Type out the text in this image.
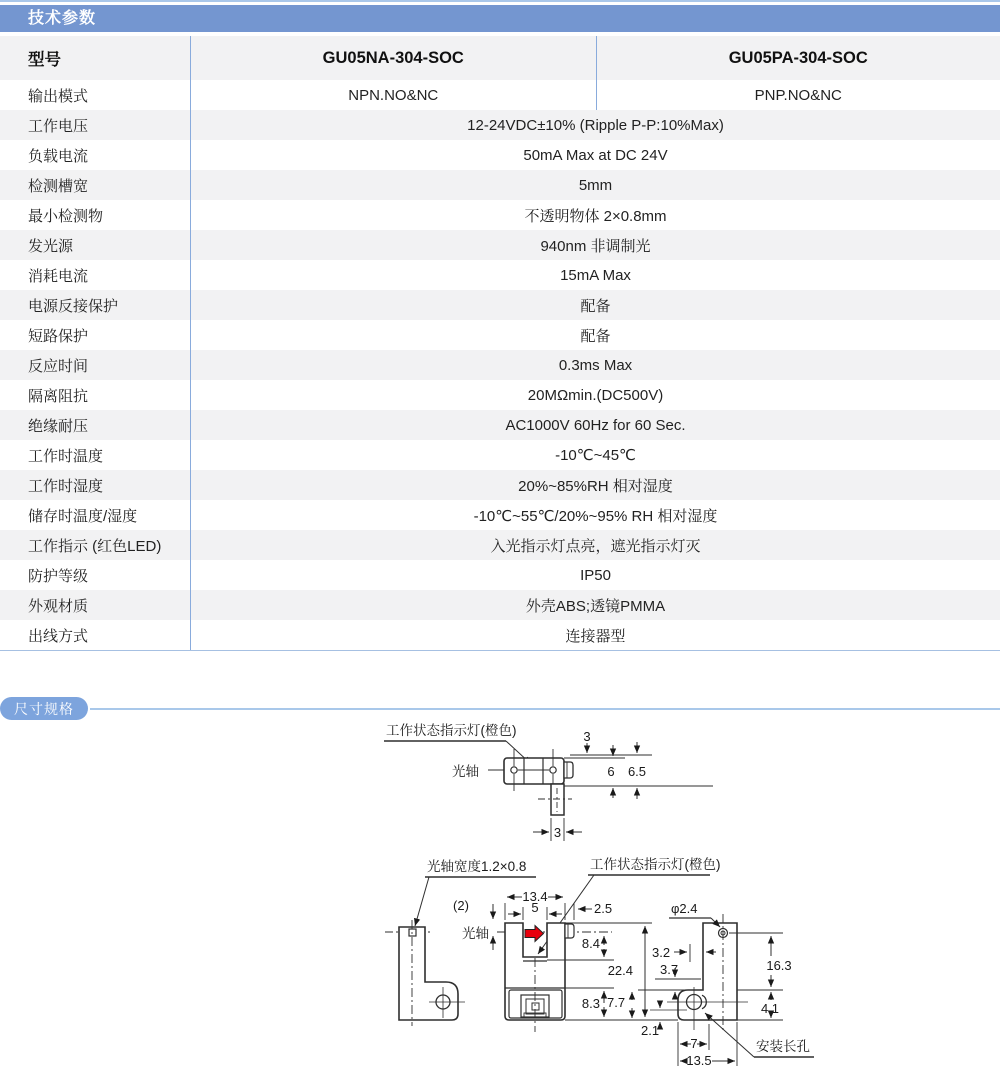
技术参数
型号	GU05NA-304-SOC	GU05PA-304-SOC
输出模式	NPN.NO&NC	PNP.NO&NC
工作电压	12-24VDC±10% (Ripple P-P:10%Max)
负载电流	50mA Max at DC 24V
检测槽宽	5mm
最小检测物	不透明物体 2×0.8mm
发光源	940nm 非调制光
消耗电流	15mA Max
电源反接保护	配备
短路保护	配备
反应时间	0.3ms Max
隔离阻抗	20MΩmin.(DC500V)
绝缘耐压	AC1000V 60Hz for 60 Sec.
工作时温度	-10℃~45℃
工作时湿度	20%~85%RH 相对湿度
储存时温度/湿度	-10℃~55℃/20%~95% RH 相对湿度
工作指示 (红色LED)	入光指示灯点亮，遮光指示灯灭
防护等级	IP50
外观材质	外壳ABS;透镜PMMA
出线方式	连接器型
尺寸规格
工作状态指示灯(橙色)
光轴
3
6 6.5
3
光轴宽度1.2×0.8	工作状态指示灯(橙色)
光轴
13.4
5
(2)	2.5
8.4
22.4
8.3
φ2.4
3.2
3.7
7.7
2.1
16.3
4.1
7
13.5
安装长孔
